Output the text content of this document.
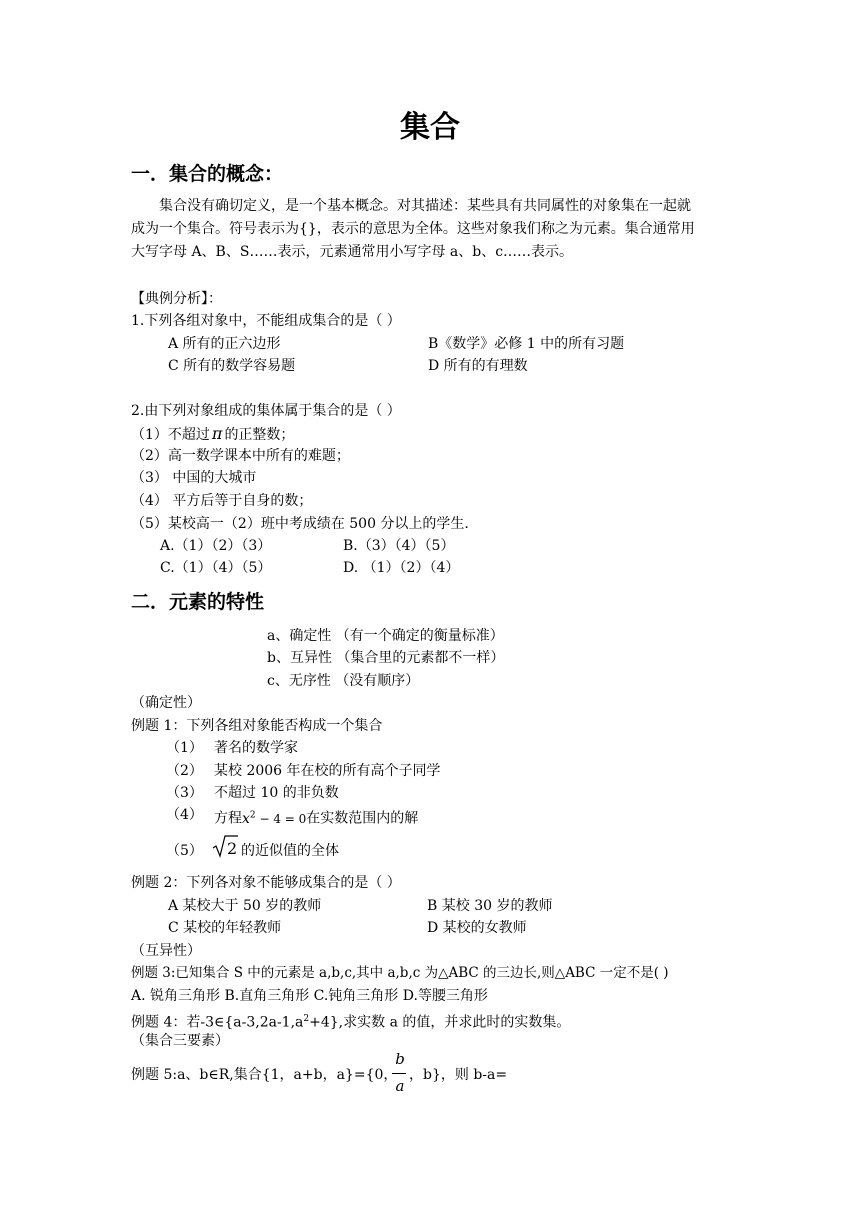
集合
一．集合的概念：
集合没有确切定义，是一个基本概念。对其描述：某些具有共同属性的对象集在一起就
成为一个集合。符号表示为{}，表示的意思为全体。这些对象我们称之为元素。集合通常用
大写字母 A、B、S……表示，元素通常用小写字母 a、b、c……表示。
【典例分析】：
1.下列各组对象中，不能组成集合的是（ ）
A 所有的正六边形	B《数学》必修 1 中的所有习题
C 所有的数学容易题	D 所有的有理数
2.由下列对象组成的集体属于集合的是（ ）
（1）不超过 π 的正整数；
（2）高一数学课本中所有的难题；
（3） 中国的大城市
（4） 平方后等于自身的数；
（5）某校高一（2）班中考成绩在 500 分以上的学生.
A.（1）（2）（3）	B.（3）（4）（5）
C.（1）（4）（5）	D. （1）（2）（4）
二．元素的特性
a、确定性 （有一个确定的衡量标准）
b、互异性 （集合里的元素都不一样）
c、无序性 （没有顺序）
（确定性）
例题 1：下列各组对象能否构成一个集合
（1） 著名的数学家
（2） 某校 2006 年在校的所有高个子同学
（3） 不超过 10 的非负数
（4） 方程$x^2 - 4 = 0$在实数范围内的解
（5） 2 的近似值的全体
例题 2：下列各对象不能够成集合的是（ ）
A 某校大于 50 岁的教师	B 某校 30 岁的教师
C 某校的年轻教师	D 某校的女教师
（互异性）
例题 3:已知集合 S 中的元素是 a,b,c,其中 a,b,c 为△ABC 的三边长,则△ABC 一定不是( )
A. 锐角三角形 B.直角三角形 C.钝角三角形 D.等腰三角形
例题 4：若$-3\in\{a-3,2a-1,a^2+4\}$,求实数 a 的值，并求此时的实数集。
（集合三要素）
例题 5:a、b∈R,集合{1，a+b，a}={0，
b
a
，b}，则 b-a=
